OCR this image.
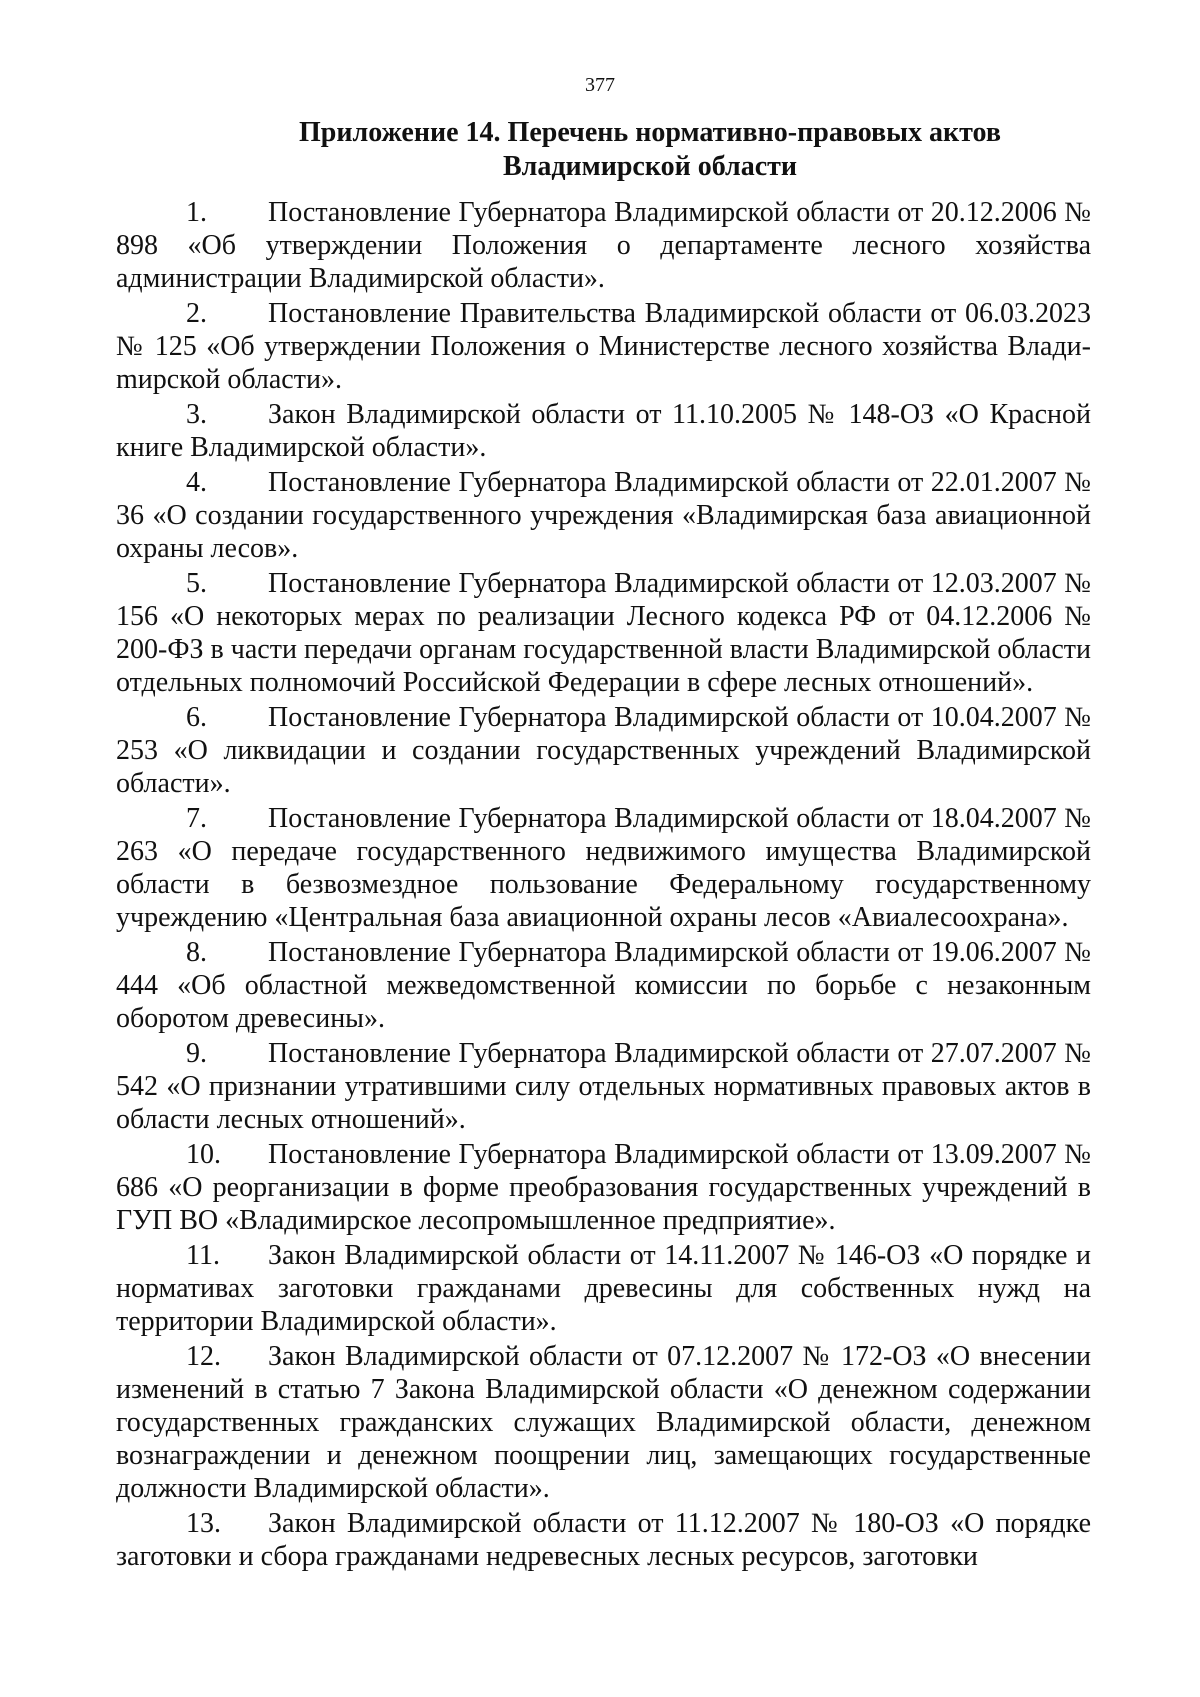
377
Приложение 14. Перечень нормативно-правовых актов
Владимирской области

1. Постановление Губернатора Владимирской области от 20.12.2006 № 898 «Об утверждении Положения о департаменте лесного хозяйства администрации Владимирской области».

2. Постановление Правительства Владимирской области от 06.03.2023 № 125 «Об утверждении Положения о Министерстве лесного хозяйства Владиmирской области».

3. Закон Владимирской области от 11.10.2005 № 148-ОЗ «О Красной книге Владимирской области».

4. Постановление Губернатора Владимирской области от 22.01.2007 № 36 «О создании государственного учреждения «Владимирская база авиационной охраны лесов».

5. Постановление Губернатора Владимирской области от 12.03.2007 № 156 «О некоторых мерах по реализации Лесного кодекса РФ от 04.12.2006 № 200-ФЗ в части передачи органам государственной власти Владимирской области отдельных полномочий Российской Федерации в сфере лесных отношений».

6. Постановление Губернатора Владимирской области от 10.04.2007 № 253 «О ликвидации и создании государственных учреждений Владимирской области».

7. Постановление Губернатора Владимирской области от 18.04.2007 № 263 «О передаче государственного недвижимого имущества Владимирской области в безвозмездное пользование Федеральному государственному учреждению «Центральная база авиационной охраны лесов «Авиалесоохрана».

8. Постановление Губернатора Владимирской области от 19.06.2007 № 444 «Об областной межведомственной комиссии по борьбе с незаконным оборотом древесины».

9. Постановление Губернатора Владимирской области от 27.07.2007 № 542 «О признании утратившими силу отдельных нормативных правовых актов в области лесных отношений».

10. Постановление Губернатора Владимирской области от 13.09.2007 № 686 «О реорганизации в форме преобразования государственных учреждений в ГУП ВО «Владимирское лесопромышленное предприятие».

11. Закон Владимирской области от 14.11.2007 № 146-ОЗ «О порядке и нормативах заготовки гражданами древесины для собственных нужд на территории Владимирской области».

12. Закон Владимирской области от 07.12.2007 № 172-ОЗ «О внесении изменений в статью 7 Закона Владимирской области «О денежном содержании государственных гражданских служащих Владимирской области, денежном вознаграждении и денежном поощрении лиц, замещающих государственные должности Владимирской области».

13. Закон Владимирской области от 11.12.2007 № 180-ОЗ «О порядке заготовки и сбора гражданами недревесных лесных ресурсов, заготовки
